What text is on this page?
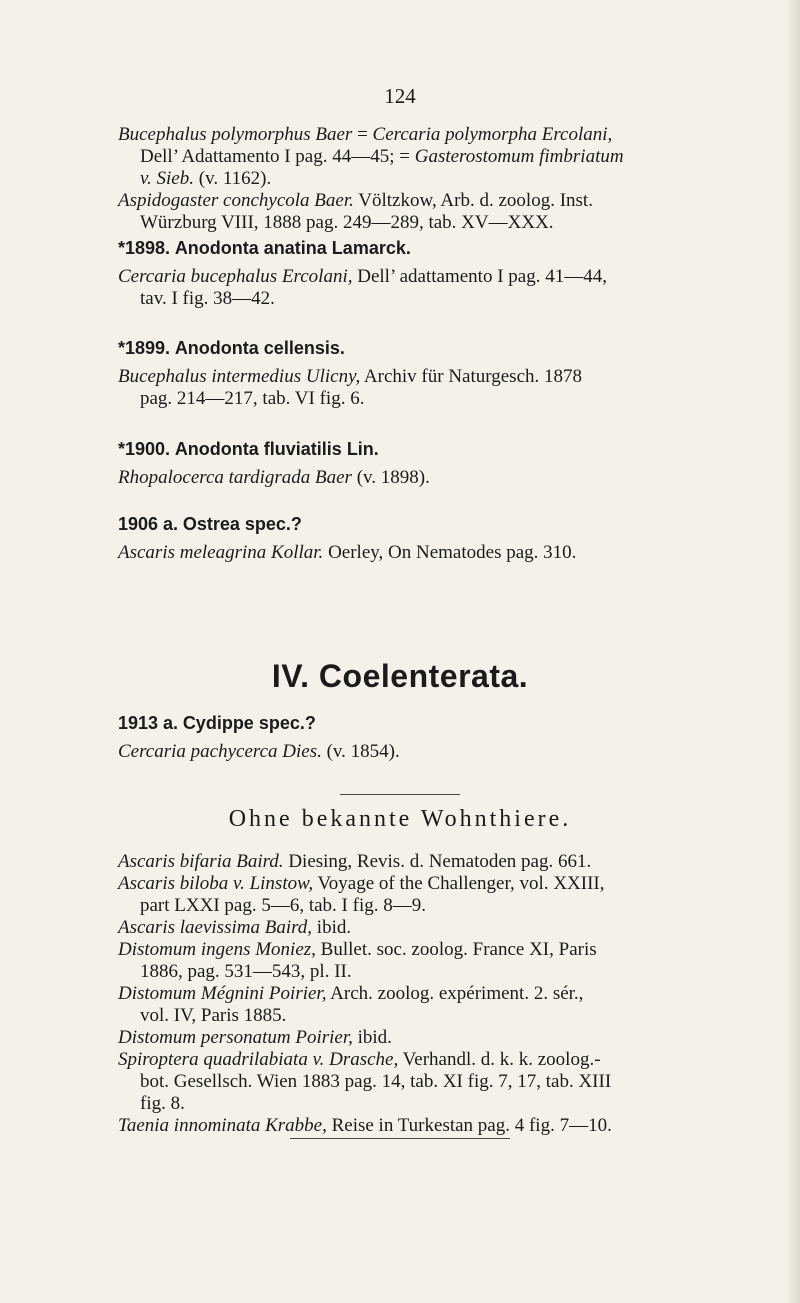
124

Bucephalus polymorphus Baer = Cercaria polymorpha Ercolani,
Dell’ Adattamento I pag. 44—45; = Gasterostomum fimbriatum
v. Sieb. (v. 1162).

Aspidogaster conchycola Baer. Völtzkow, Arb. d. zoolog. Inst.
Würzburg VIII, 1888 pag. 249—289, tab. XV—XXX.

*1898. Anodonta anatina Lamarck.
Cercaria bucephalus Ercolani, Dell’ adattamento I pag. 41—44,
tav. I fig. 38—42.
*1899. Anodonta cellensis.
Bucephalus intermedius Ulicny, Archiv für Naturgesch. 1878
pag. 214—217, tab. VI fig. 6.
*1900. Anodonta fluviatilis Lin.
Rhopalocerca tardigrada Baer (v. 1898).
1906 a. Ostrea spec.?
Ascaris meleagrina Kollar. Oerley, On Nematodes pag. 310.
IV. Coelenterata.
1913 a. Cydippe spec.?
Cercaria pachycerca Dies. (v. 1854).
Ohne bekannte Wohnthiere.

Ascaris bifaria Baird. Diesing, Revis. d. Nematoden pag. 661.

Ascaris biloba v. Linstow, Voyage of the Challenger, vol. XXIII,
part LXXI pag. 5—6, tab. I fig. 8—9.

Ascaris laevissima Baird, ibid.

Distomum ingens Moniez, Bullet. soc. zoolog. France XI, Paris
1886, pag. 531—543, pl. II.

Distomum Mégnini Poirier, Arch. zoolog. expériment. 2. sér.,
vol. IV, Paris 1885.

Distomum personatum Poirier, ibid.

Spiroptera quadrilabiata v. Drasche, Verhandl. d. k. k. zoolog.-
bot. Gesellsch. Wien 1883 pag. 14, tab. XI fig. 7, 17, tab. XIII
fig. 8.

Taenia innominata Krabbe, Reise in Turkestan pag. 4 fig. 7—10.
